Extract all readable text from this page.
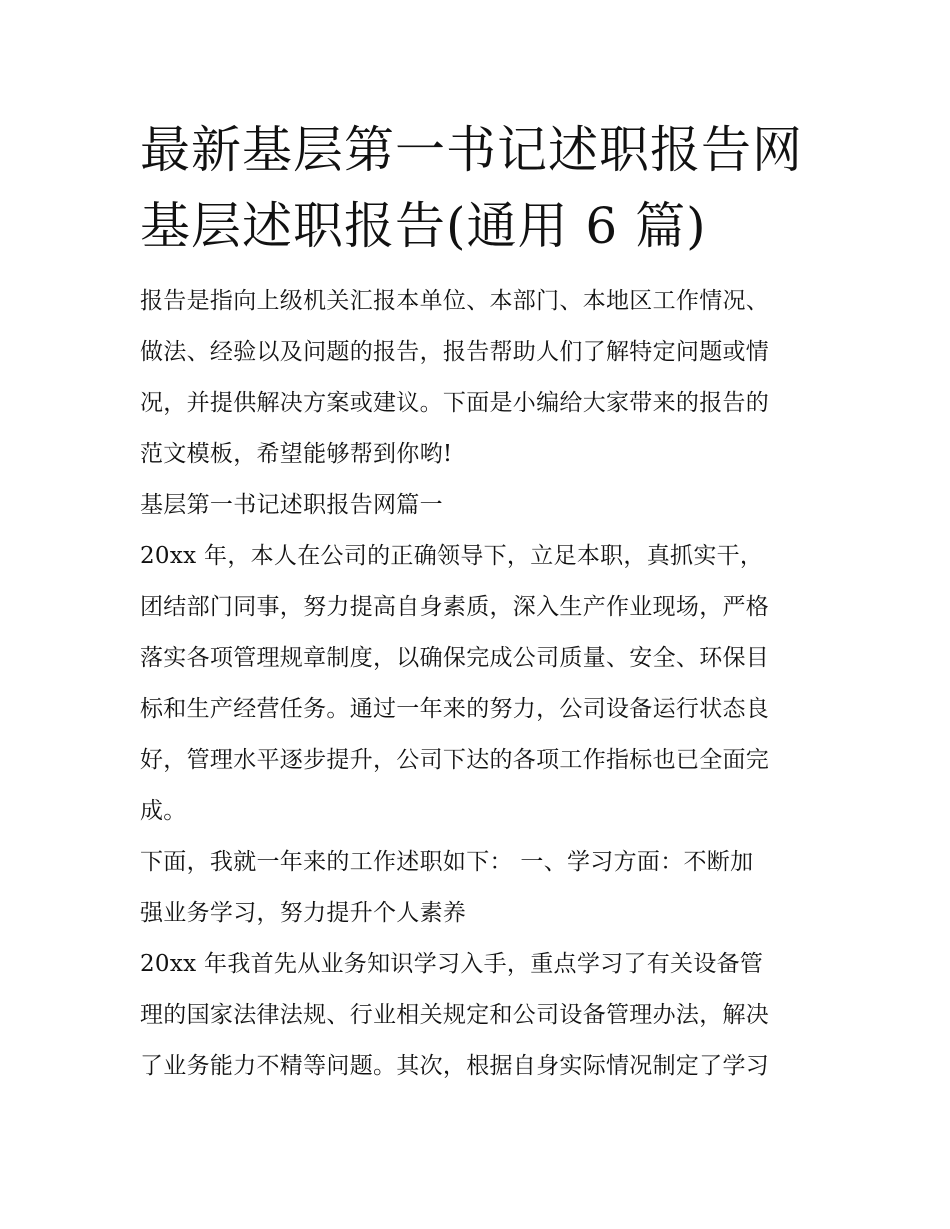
最新基层第一书记述职报告网
基层述职报告(通用 6 篇)
报告是指向上级机关汇报本单位、本部门、本地区工作情况、
做法、经验以及问题的报告，报告帮助人们了解特定问题或情
况，并提供解决方案或建议。下面是小编给大家带来的报告的
范文模板，希望能够帮到你哟!
基层第一书记述职报告网篇一
20xx 年，本人在公司的正确领导下，立足本职，真抓实干，
团结部门同事，努力提高自身素质，深入生产作业现场，严格
落实各项管理规章制度，以确保完成公司质量、安全、环保目
标和生产经营任务。通过一年来的努力，公司设备运行状态良
好，管理水平逐步提升，公司下达的各项工作指标也已全面完
成。
下面，我就一年来的工作述职如下： 一、学习方面：不断加
强业务学习，努力提升个人素养
20xx 年我首先从业务知识学习入手，重点学习了有关设备管
理的国家法律法规、行业相关规定和公司设备管理办法，解决
了业务能力不精等问题。其次，根据自身实际情况制定了学习
